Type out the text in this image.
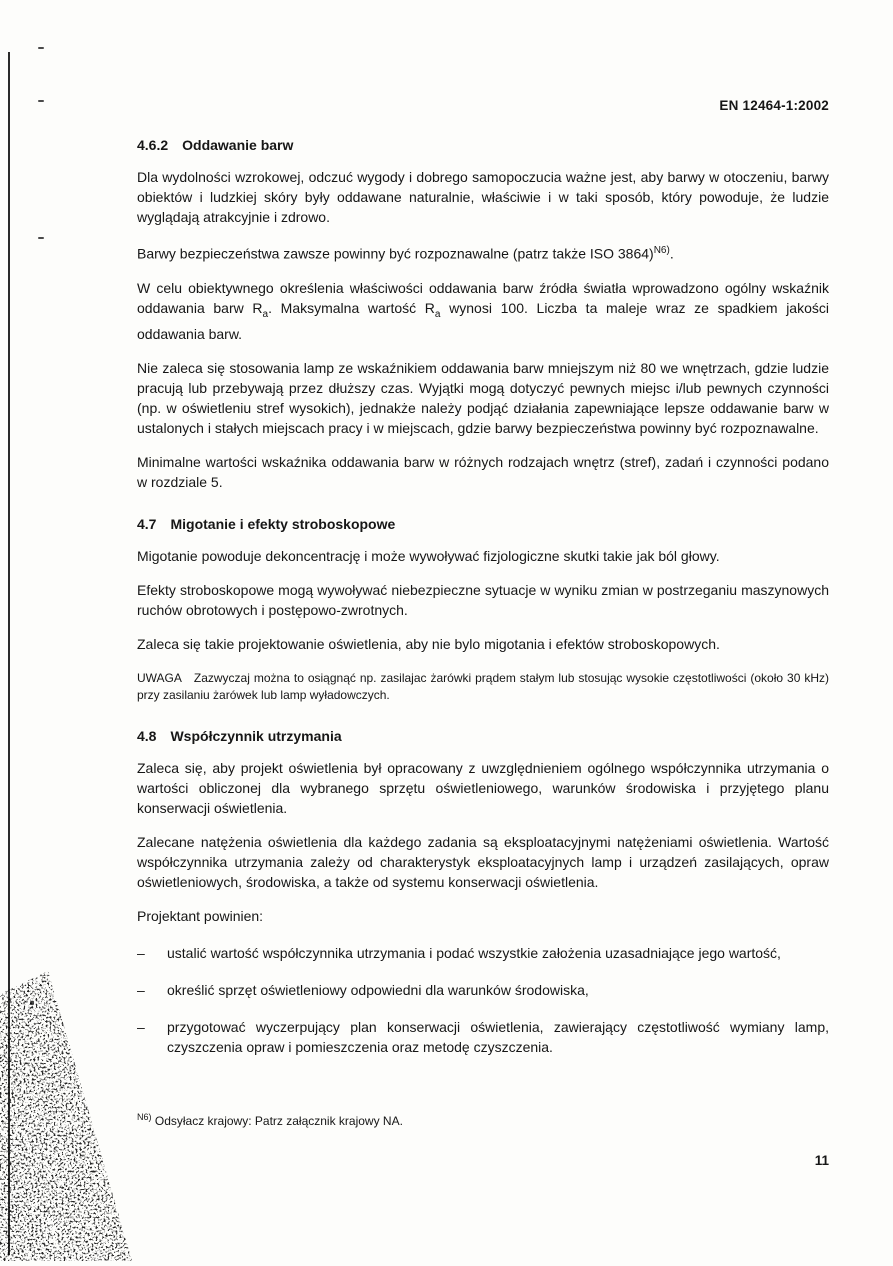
EN 12464-1:2002
4.6.2 Oddawanie barw

Dla wydolności wzrokowej, odczuć wygody i dobrego samopoczucia ważne jest, aby barwy w otoczeniu, barwy obiektów i ludzkiej skóry były oddawane naturalnie, właściwie i w taki sposób, który powoduje, że ludzie wyglądają atrakcyjnie i zdrowo.

Barwy bezpieczeństwa zawsze powinny być rozpoznawalne (patrz także ISO 3864)$^{N6)}$.

W celu obiektywnego określenia właściwości oddawania barw źródła światła wprowadzono ogólny wskaźnik oddawania barw $R_a$. Maksymalna wartość $R_a$ wynosi 100. Liczba ta maleje wraz ze spadkiem jakości oddawania barw.

Nie zaleca się stosowania lamp ze wskaźnikiem oddawania barw mniejszym niż 80 we wnętrzach, gdzie ludzie pracują lub przebywają przez dłuższy czas. Wyjątki mogą dotyczyć pewnych miejsc i/lub pewnych czynności (np. w oświetleniu stref wysokich), jednakże należy podjąć działania zapewniające lepsze oddawanie barw w ustalonych i stałych miejscach pracy i w miejscach, gdzie barwy bezpieczeństwa powinny być rozpoznawalne.

Minimalne wartości wskaźnika oddawania barw w różnych rodzajach wnętrz (stref), zadań i czynności podano w rozdziale 5.

4.7 Migotanie i efekty stroboskopowe

Migotanie powoduje dekoncentrację i może wywoływać fizjologiczne skutki takie jak ból głowy.

Efekty stroboskopowe mogą wywoływać niebezpieczne sytuacje w wyniku zmian w postrzeganiu maszynowych ruchów obrotowych i postępowo-zwrotnych.

Zaleca się takie projektowanie oświetlenia, aby nie bylo migotania i efektów stroboskopowych.

UWAGA Zazwyczaj można to osiągnąć np. zasilajac żarówki prądem stałym lub stosując wysokie częstotliwości (około 30 kHz) przy zasilaniu żarówek lub lamp wyładowczych.

4.8 Współczynnik utrzymania

Zaleca się, aby projekt oświetlenia był opracowany z uwzględnieniem ogólnego współczynnika utrzymania o wartości obliczonej dla wybranego sprzętu oświetleniowego, warunków środowiska i przyjętego planu konserwacji oświetlenia.

Zalecane natężenia oświetlenia dla każdego zadania są eksploatacyjnymi natężeniami oświetlenia. Wartość współczynnika utrzymania zależy od charakterystyk eksploatacyjnych lamp i urządzeń zasilających, opraw oświetleniowych, środowiska, a także od systemu konserwacji oświetlenia.

Projektant powinien:

–	ustalić wartość współczynnika utrzymania i podać wszystkie założenia uzasadniające jego wartość,
–	określić sprzęt oświetleniowy odpowiedni dla warunków środowiska,
–	przygotować wyczerpujący plan konserwacji oświetlenia, zawierający częstotliwość wymiany lamp, czyszczenia opraw i pomieszczenia oraz metodę czyszczenia.
$^{N6)}$ Odsyłacz krajowy: Patrz załącznik krajowy NA.
11
